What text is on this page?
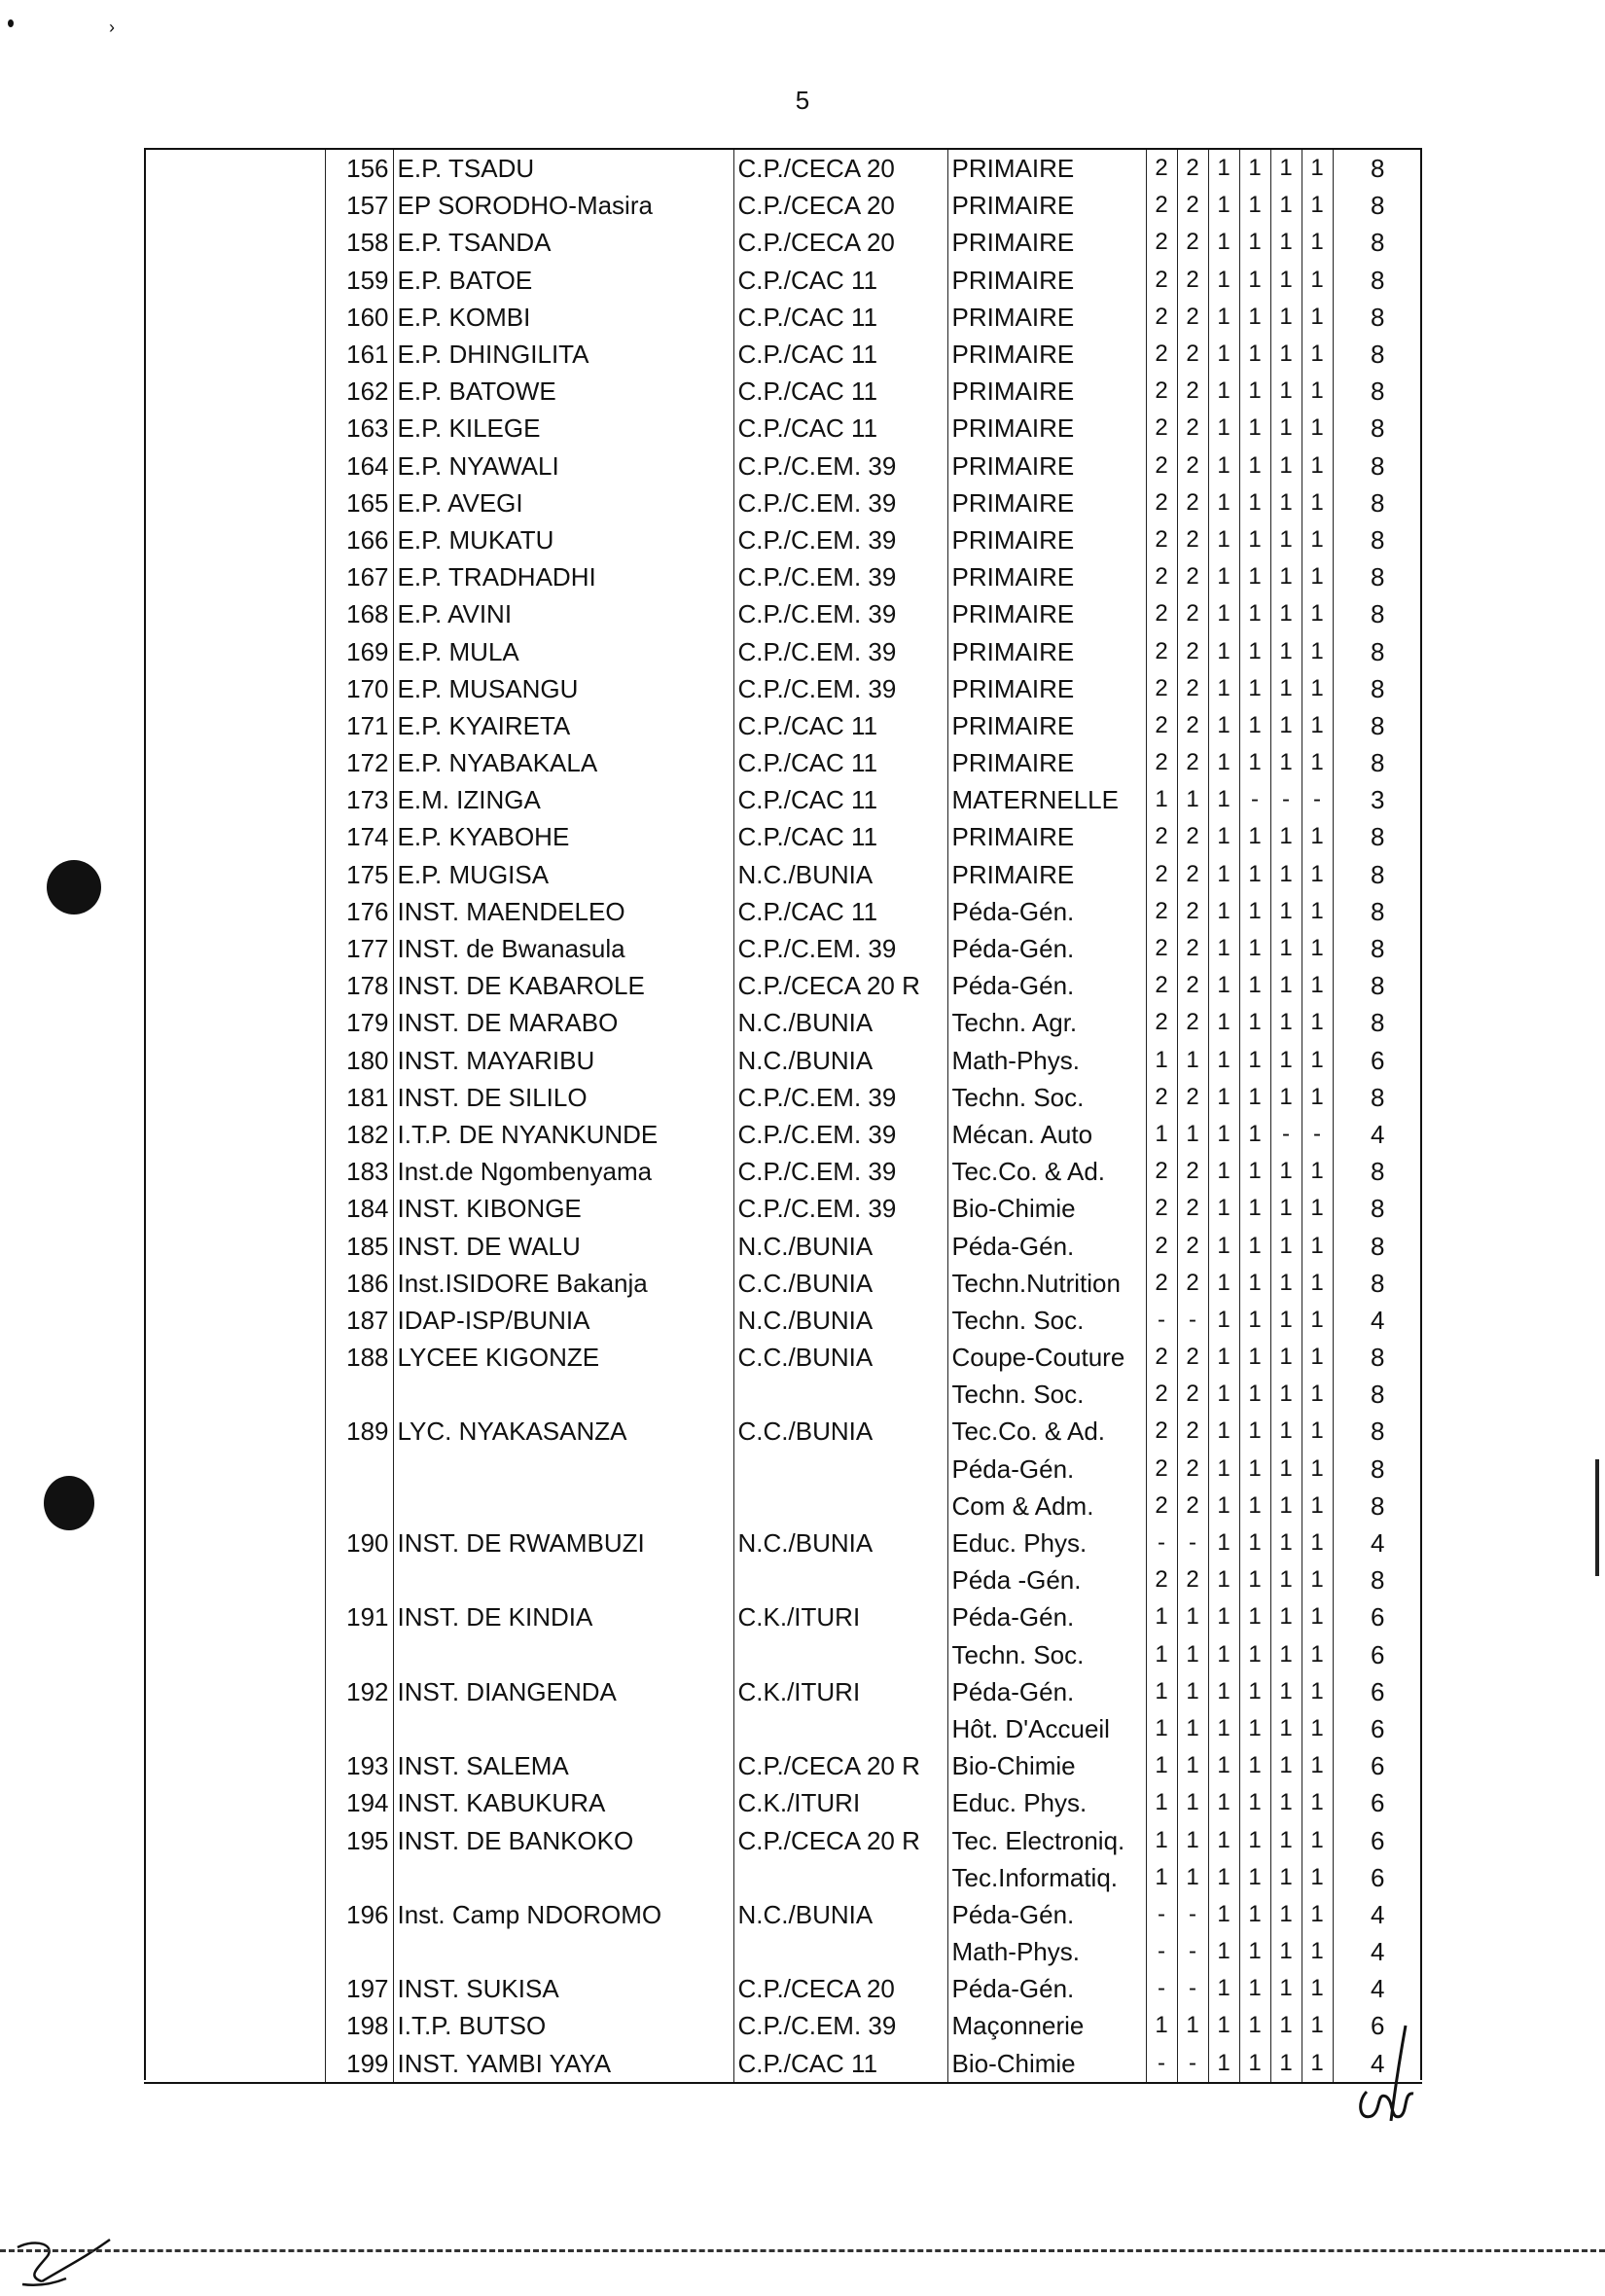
›
5
	156	E.P. TSADU	C.P./CECA 20	PRIMAIRE	2	2	1	1	1	1	8
	157	EP SORODHO-Masira	C.P./CECA 20	PRIMAIRE	2	2	1	1	1	1	8
	158	E.P. TSANDA	C.P./CECA 20	PRIMAIRE	2	2	1	1	1	1	8
	159	E.P. BATOE	C.P./CAC 11	PRIMAIRE	2	2	1	1	1	1	8
	160	E.P. KOMBI	C.P./CAC 11	PRIMAIRE	2	2	1	1	1	1	8
	161	E.P. DHINGILITA	C.P./CAC 11	PRIMAIRE	2	2	1	1	1	1	8
	162	E.P. BATOWE	C.P./CAC 11	PRIMAIRE	2	2	1	1	1	1	8
	163	E.P. KILEGE	C.P./CAC 11	PRIMAIRE	2	2	1	1	1	1	8
	164	E.P. NYAWALI	C.P./C.EM. 39	PRIMAIRE	2	2	1	1	1	1	8
	165	E.P. AVEGI	C.P./C.EM. 39	PRIMAIRE	2	2	1	1	1	1	8
	166	E.P. MUKATU	C.P./C.EM. 39	PRIMAIRE	2	2	1	1	1	1	8
	167	E.P. TRADHADHI	C.P./C.EM. 39	PRIMAIRE	2	2	1	1	1	1	8
	168	E.P. AVINI	C.P./C.EM. 39	PRIMAIRE	2	2	1	1	1	1	8
	169	E.P. MULA	C.P./C.EM. 39	PRIMAIRE	2	2	1	1	1	1	8
	170	E.P. MUSANGU	C.P./C.EM. 39	PRIMAIRE	2	2	1	1	1	1	8
	171	E.P. KYAIRETA	C.P./CAC 11	PRIMAIRE	2	2	1	1	1	1	8
	172	E.P. NYABAKALA	C.P./CAC 11	PRIMAIRE	2	2	1	1	1	1	8
	173	E.M. IZINGA	C.P./CAC 11	MATERNELLE	1	1	1	-	-	-	3
	174	E.P. KYABOHE	C.P./CAC 11	PRIMAIRE	2	2	1	1	1	1	8
	175	E.P. MUGISA	N.C./BUNIA	PRIMAIRE	2	2	1	1	1	1	8
	176	INST. MAENDELEO	C.P./CAC 11	Péda-Gén.	2	2	1	1	1	1	8
	177	INST. de Bwanasula	C.P./C.EM. 39	Péda-Gén.	2	2	1	1	1	1	8
	178	INST. DE KABAROLE	C.P./CECA 20 R	Péda-Gén.	2	2	1	1	1	1	8
	179	INST. DE MARABO	N.C./BUNIA	Techn. Agr.	2	2	1	1	1	1	8
	180	INST. MAYARIBU	N.C./BUNIA	Math-Phys.	1	1	1	1	1	1	6
	181	INST. DE SILILO	C.P./C.EM. 39	Techn. Soc.	2	2	1	1	1	1	8
	182	I.T.P. DE NYANKUNDE	C.P./C.EM. 39	Mécan. Auto	1	1	1	1	-	-	4
	183	Inst.de Ngombenyama	C.P./C.EM. 39	Tec.Co. & Ad.	2	2	1	1	1	1	8
	184	INST. KIBONGE	C.P./C.EM. 39	Bio-Chimie	2	2	1	1	1	1	8
	185	INST. DE WALU	N.C./BUNIA	Péda-Gén.	2	2	1	1	1	1	8
	186	Inst.ISIDORE Bakanja	C.C./BUNIA	Techn.Nutrition	2	2	1	1	1	1	8
	187	IDAP-ISP/BUNIA	N.C./BUNIA	Techn. Soc.	-	-	1	1	1	1	4
	188	LYCEE KIGONZE	C.C./BUNIA	Coupe-Couture	2	2	1	1	1	1	8
				Techn. Soc.	2	2	1	1	1	1	8
	189	LYC. NYAKASANZA	C.C./BUNIA	Tec.Co. & Ad.	2	2	1	1	1	1	8
				Péda-Gén.	2	2	1	1	1	1	8
				Com & Adm.	2	2	1	1	1	1	8
	190	INST. DE RWAMBUZI	N.C./BUNIA	Educ. Phys.	-	-	1	1	1	1	4
				Péda -Gén.	2	2	1	1	1	1	8
	191	INST. DE KINDIA	C.K./ITURI	Péda-Gén.	1	1	1	1	1	1	6
				Techn. Soc.	1	1	1	1	1	1	6
	192	INST. DIANGENDA	C.K./ITURI	Péda-Gén.	1	1	1	1	1	1	6
				Hôt. D'Accueil	1	1	1	1	1	1	6
	193	INST. SALEMA	C.P./CECA 20 R	Bio-Chimie	1	1	1	1	1	1	6
	194	INST. KABUKURA	C.K./ITURI	Educ. Phys.	1	1	1	1	1	1	6
	195	INST. DE BANKOKO	C.P./CECA 20 R	Tec. Electroniq.	1	1	1	1	1	1	6
				Tec.Informatiq.	1	1	1	1	1	1	6
	196	Inst. Camp NDOROMO	N.C./BUNIA	Péda-Gén.	-	-	1	1	1	1	4
				Math-Phys.	-	-	1	1	1	1	4
	197	INST. SUKISA	C.P./CECA 20	Péda-Gén.	-	-	1	1	1	1	4
	198	I.T.P. BUTSO	C.P./C.EM. 39	Maçonnerie	1	1	1	1	1	1	6
	199	INST. YAMBI YAYA	C.P./CAC 11	Bio-Chimie	-	-	1	1	1	1	4
